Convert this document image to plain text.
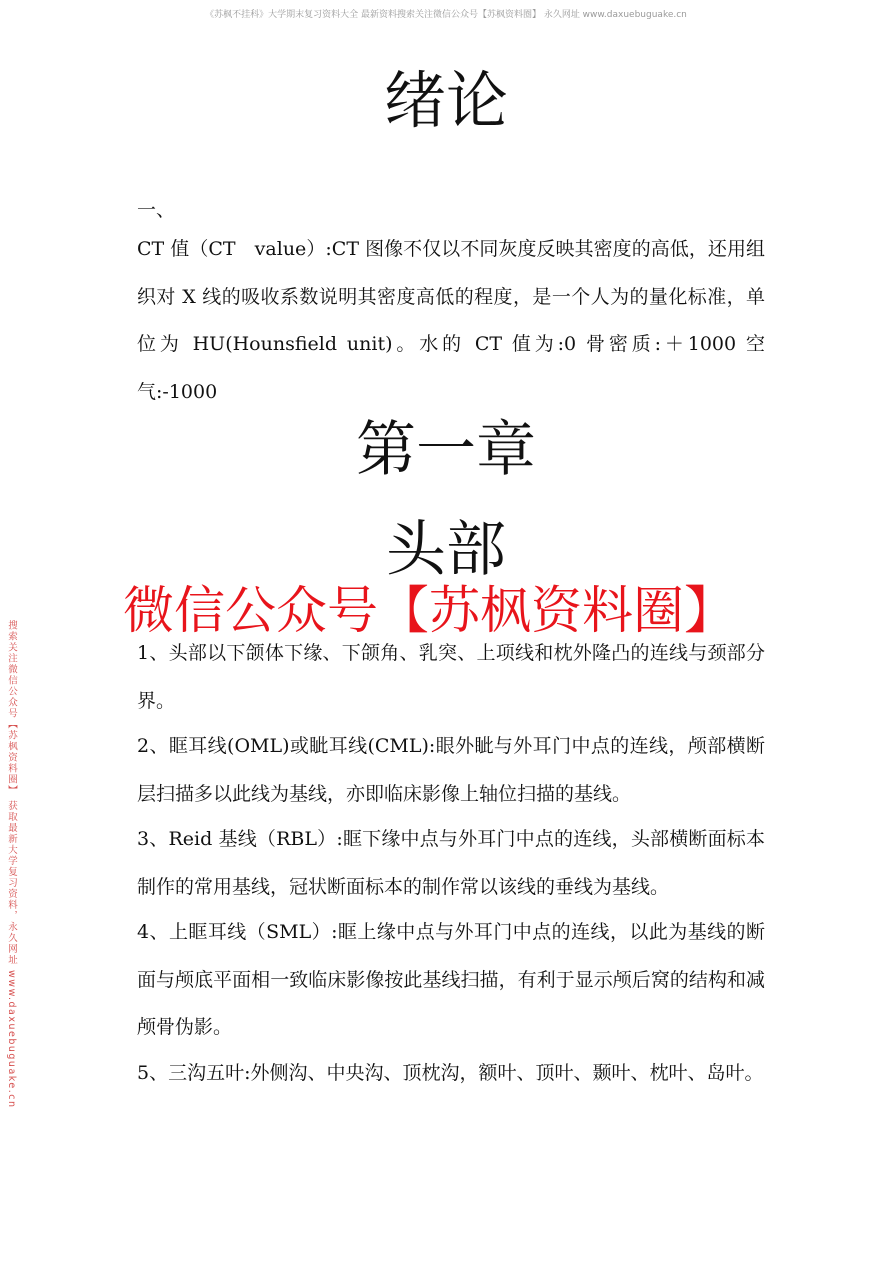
《苏枫不挂科》大学期末复习资料大全 最新资料搜索关注微信公众号【苏枫资料圈】 永久网址 www.daxuebuguake.cn
搜索关注微信公众号【苏枫资料圈】 获取最新大学复习资料，永久网址 www.daxuebuguake.cn
绪论

一、

CT 值（CT　value）:CT 图像不仅以不同灰度反映其密度的高低，还用组织对 X 线的吸收系数说明其密度高低的程度，是一个人为的量化标准，单位为 HU(Hounsfield unit)。水的 CT 值为:0 骨密质:＋1000 空气:-1000

第一章
头部

1、头部以下颌体下缘、下颌角、乳突、上项线和枕外隆凸的连线与颈部分界。

2、眶耳线(OML)或眦耳线(CML):眼外眦与外耳门中点的连线，颅部横断层扫描多以此线为基线，亦即临床影像上轴位扫描的基线。

3、Reid 基线（RBL）:眶下缘中点与外耳门中点的连线，头部横断面标本制作的常用基线，冠状断面标本的制作常以该线的垂线为基线。

4、上眶耳线（SML）:眶上缘中点与外耳门中点的连线，以此为基线的断面与颅底平面相一致临床影像按此基线扫描，有利于显示颅后窝的结构和减颅骨伪影。

5、三沟五叶:外侧沟、中央沟、顶枕沟，额叶、顶叶、颞叶、枕叶、岛叶。

微信公众号【苏枫资料圈】
